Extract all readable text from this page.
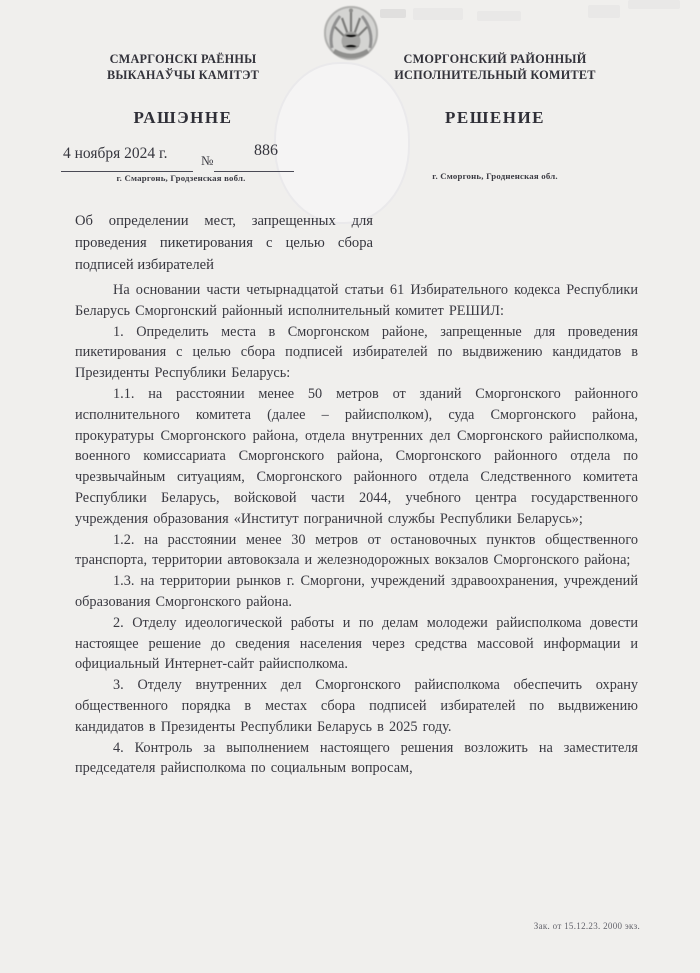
СМАРГОНСКІ РАЁННЫ
ВЫКАНАЎЧЫ КАМІТЭТ
СМОРГОНСКИЙ РАЙОННЫЙ
ИСПОЛНИТЕЛЬНЫЙ КОМИТЕТ
РАШЭННЕ	РЕШЕНИЕ
4 ноября 2024 г.	№
886
г. Смаргонь, Гродзенская вобл.	г. Сморгонь, Гродненская обл.
Об определении мест, запрещенных для проведения пикетирования с целью сбора подписей избирателей

На основании части четырнадцатой статьи 61 Избирательного кодекса Республики Беларусь Сморгонский районный исполнительный комитет РЕШИЛ:

1. Определить места в Сморгонском районе, запрещенные для проведения пикетирования с целью сбора подписей избирателей по выдвижению кандидатов в Президенты Республики Беларусь:

1.1. на расстоянии менее 50 метров от зданий Сморгонского районного исполнительного комитета (далее – райисполком), суда Сморгонского района, прокуратуры Сморгонского района, отдела внутренних дел Сморгонского райисполкома, военного комиссариата Сморгонского района, Сморгонского районного отдела по чрезвычайным ситуациям, Сморгонского районного отдела Следственного комитета Республики Беларусь, войсковой части 2044, учебного центра государственного учреждения образования «Институт пограничной службы Республики Беларусь»;

1.2. на расстоянии менее 30 метров от остановочных пунктов общественного транспорта, территории автовокзала и железнодорожных вокзалов Сморгонского района;

1.3. на территории рынков г. Сморгони, учреждений здравоохранения, учреждений образования Сморгонского района.

2. Отделу идеологической работы и по делам молодежи райисполкома довести настоящее решение до сведения населения через средства массовой информации и официальный Интернет-сайт райисполкома.

3. Отделу внутренних дел Сморгонского райисполкома обеспечить охрану общественного порядка в местах сбора подписей избирателей по выдвижению кандидатов в Президенты Республики Беларусь в 2025 году.

4. Контроль за выполнением настоящего решения возложить на заместителя председателя райисполкома по социальным вопросам,

Зак. от 15.12.23. 2000 экз.
